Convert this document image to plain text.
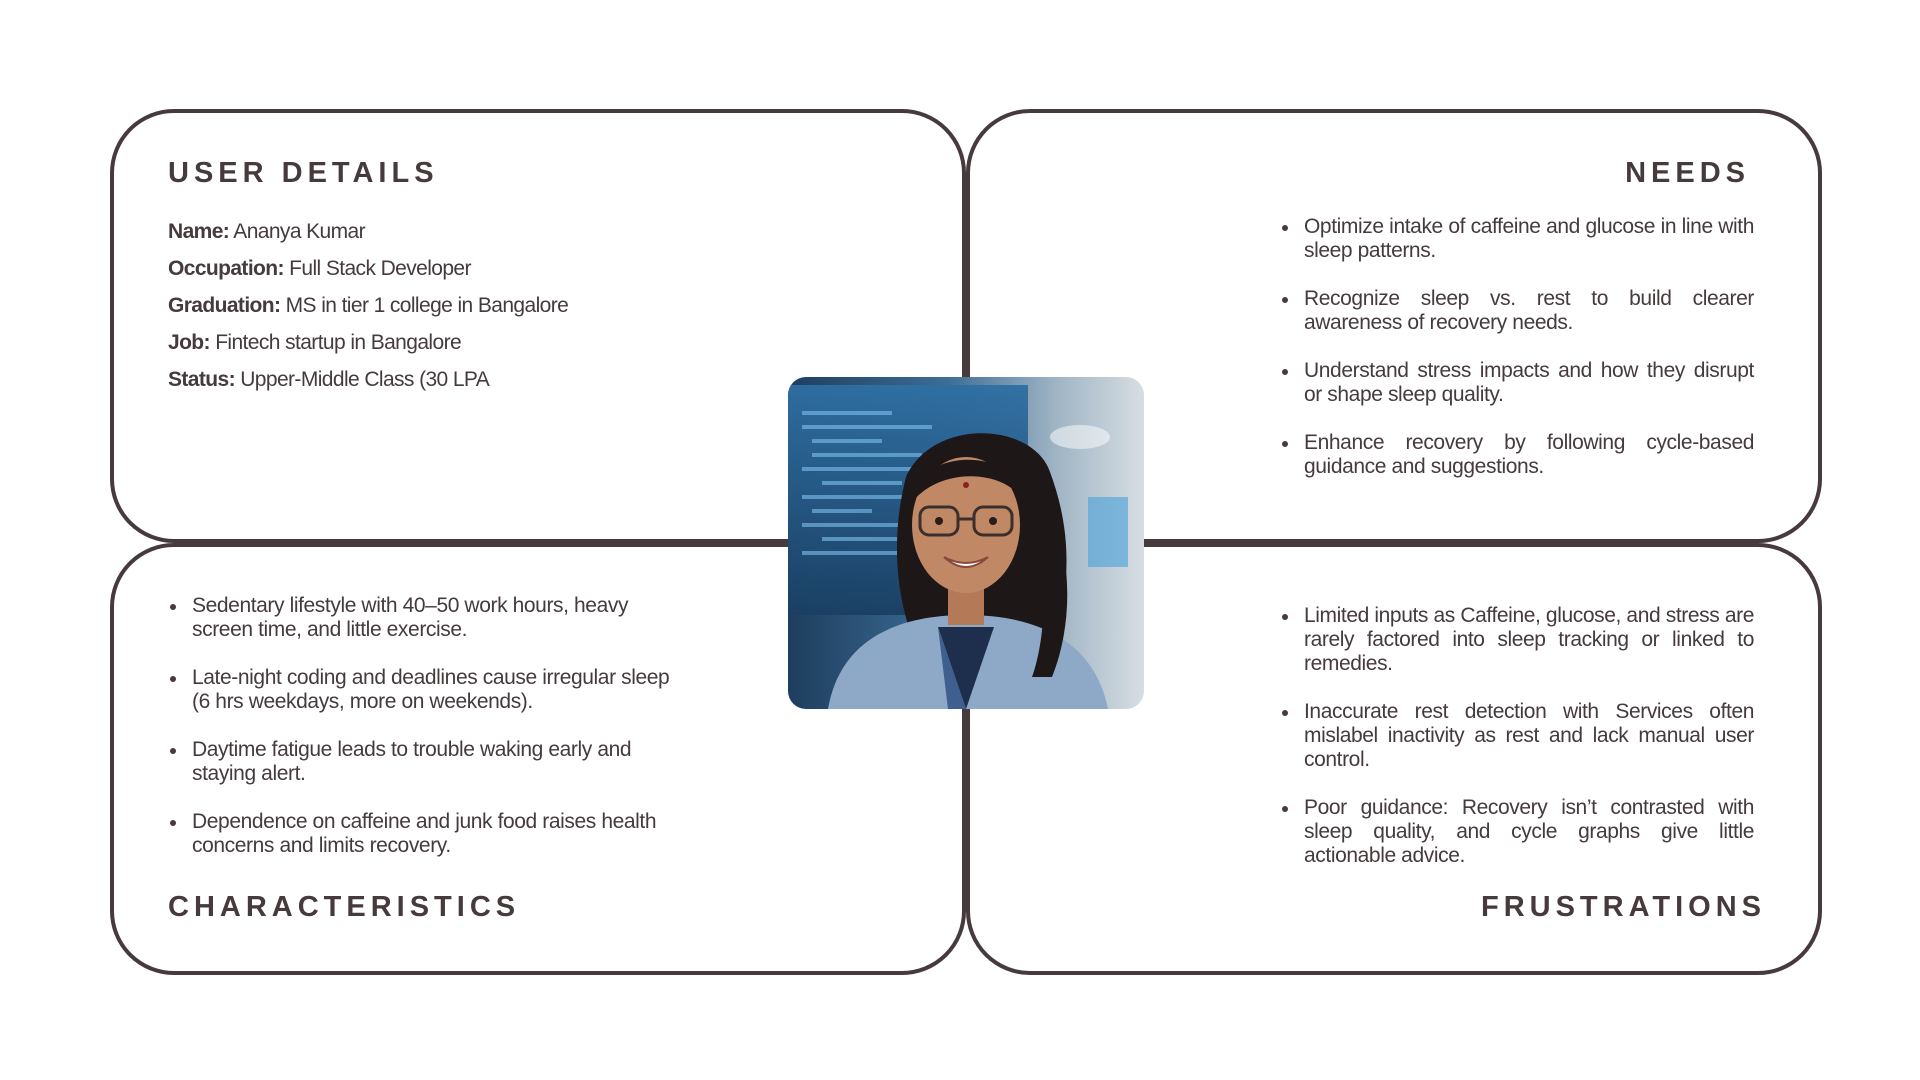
USER DETAILS
Name: Ananya Kumar
Occupation: Full Stack Developer
Graduation: MS in tier 1 college in Bangalore
Job: Fintech startup in Bangalore
Status: Upper-Middle Class (30 LPA
NEEDS
Optimize intake of caffeine and glucose in line with sleep patterns.
Recognize sleep vs. rest to build clearer awareness of recovery needs.
Understand stress impacts and how they disrupt or shape sleep quality.
Enhance recovery by following cycle-based guidance and suggestions.
Sedentary lifestyle with 40–50 work hours, heavy screen time, and little exercise.
Late-night coding and deadlines cause irregular sleep (6 hrs weekdays, more on weekends).
Daytime fatigue leads to trouble waking early and staying alert.
Dependence on caffeine and junk food raises health concerns and limits recovery.
CHARACTERISTICS
Limited inputs as Caffeine, glucose, and stress are rarely factored into sleep tracking or linked to remedies.
Inaccurate rest detection with Services often mislabel inactivity as rest and lack manual user control.
Poor guidance: Recovery isn’t contrasted with sleep quality, and cycle graphs give little actionable advice.
FRUSTRATIONS
